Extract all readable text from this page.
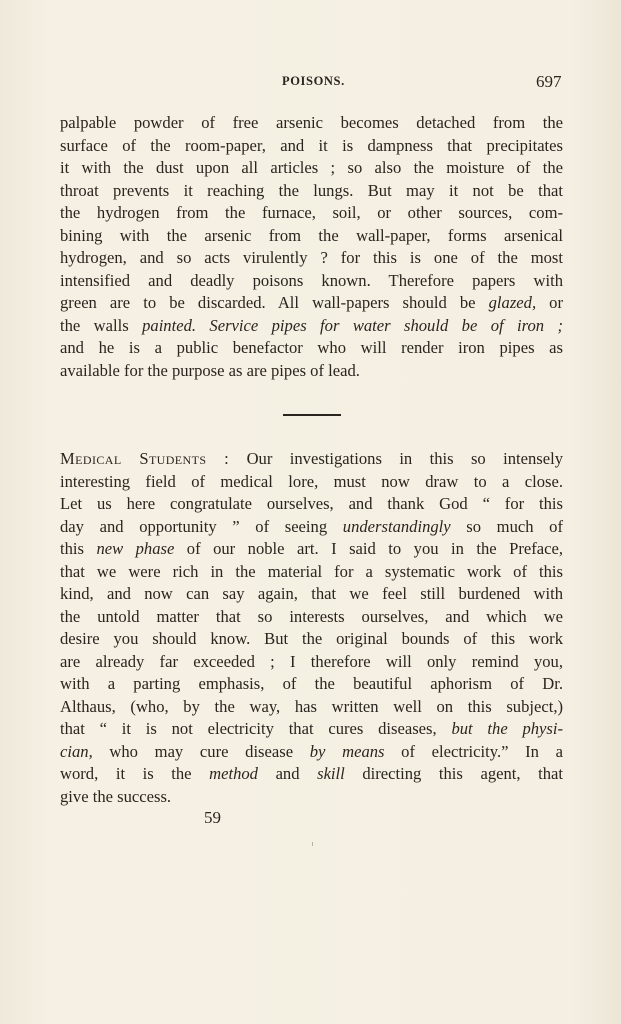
POISONS.	697
palpable powder of free arsenic becomes detached from the
surface of the room-paper, and it is dampness that precipitates
it with the dust upon all articles ; so also the moisture of the
throat prevents it reaching the lungs. But may it not be that
the hydrogen from the furnace, soil, or other sources, com-
bining with the arsenic from the wall-paper, forms arsenical
hydrogen, and so acts virulently ? for this is one of the most
intensified and deadly poisons known. Therefore papers with
green are to be discarded. All wall-papers should be glazed, or
the walls painted. Service pipes for water should be of iron ;
and he is a public benefactor who will render iron pipes as
available for the purpose as are pipes of lead.
Medical Students : Our investigations in this so intensely
interesting field of medical lore, must now draw to a close.
Let us here congratulate ourselves, and thank God “ for this
day and opportunity ” of seeing understandingly so much of
this new phase of our noble art. I said to you in the Preface,
that we were rich in the material for a systematic work of this
kind, and now can say again, that we feel still burdened with
the untold matter that so interests ourselves, and which we
desire you should know. But the original bounds of this work
are already far exceeded ; I therefore will only remind you,
with a parting emphasis, of the beautiful aphorism of Dr.
Althaus, (who, by the way, has written well on this subject,)
that “ it is not electricity that cures diseases, but the physi-
cian, who may cure disease by means of electricity.” In a
word, it is the method and skill directing this agent, that
give the success.
59
